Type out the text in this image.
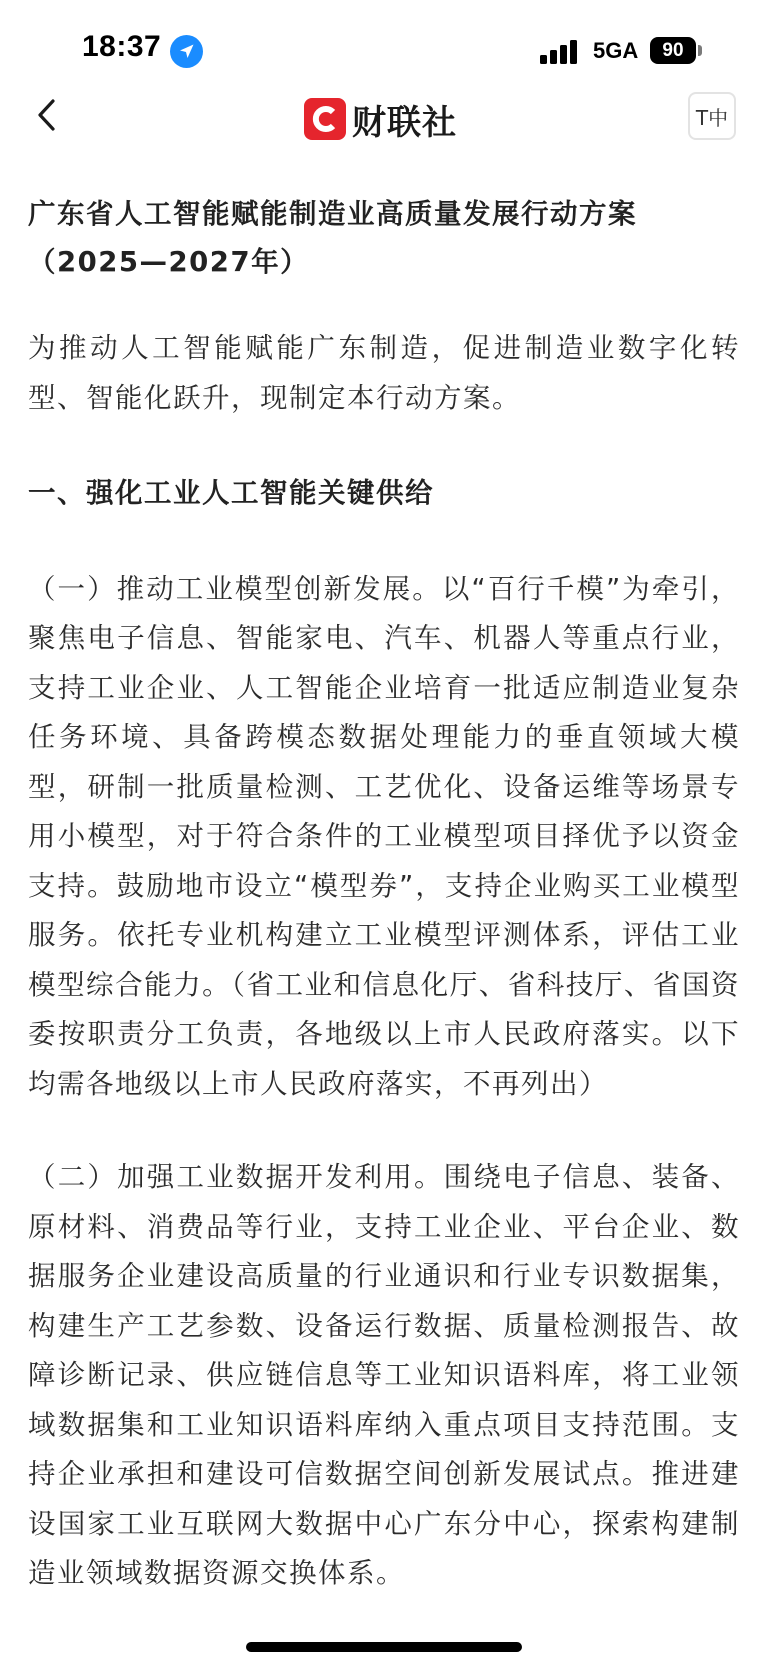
18:37	5GA 90
财联社	T中
广东省人工智能赋能制造业高质量发展行动方案（2025—2027年）

为推动人工智能赋能广东制造，促进制造业数字化转型、智能化跃升，现制定本行动方案。

一、强化工业人工智能关键供给

（一）推动工业模型创新发展。以“百行千模”为牵引，聚焦电子信息、智能家电、汽车、机器人等重点行业，支持工业企业、人工智能企业培育一批适应制造业复杂任务环境、具备跨模态数据处理能力的垂直领域大模型，研制一批质量检测、工艺优化、设备运维等场景专用小模型，对于符合条件的工业模型项目择优予以资金支持。鼓励地市设立“模型券”，支持企业购买工业模型服务。依托专业机构建立工业模型评测体系，评估工业模型综合能力。（省工业和信息化厅、省科技厅、省国资委按职责分工负责，各地级以上市人民政府落实。以下均需各地级以上市人民政府落实，不再列出）

（二）加强工业数据开发利用。围绕电子信息、装备、原材料、消费品等行业，支持工业企业、平台企业、数据服务企业建设高质量的行业通识和行业专识数据集，构建生产工艺参数、设备运行数据、质量检测报告、故障诊断记录、供应链信息等工业知识语料库，将工业领域数据集和工业知识语料库纳入重点项目支持范围。支持企业承担和建设可信数据空间创新发展试点。推进建设国家工业互联网大数据中心广东分中心，探索构建制造业领域数据资源交换体系。
